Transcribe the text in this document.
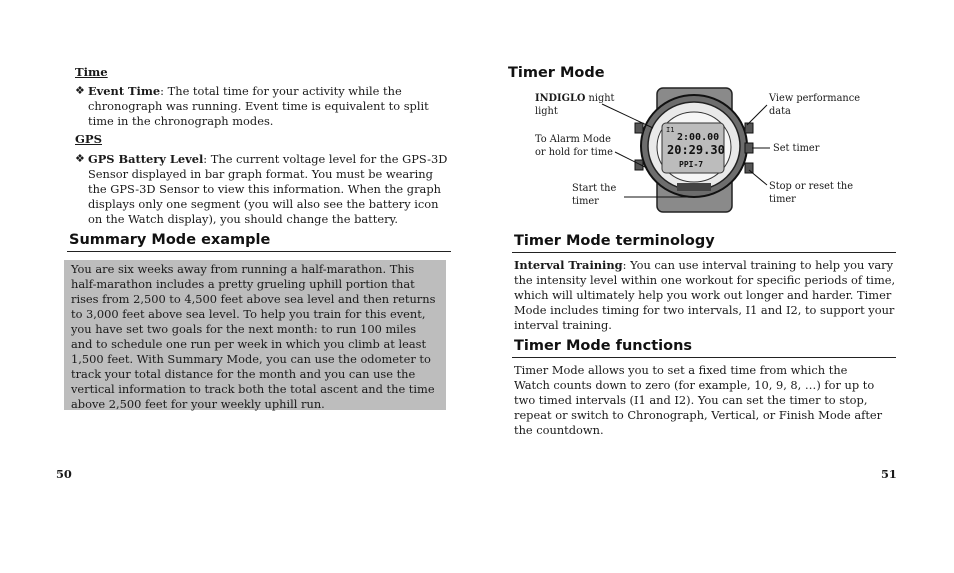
Time
❖ Event Time: The total time for your activity while the chronograph was running. Event time is equivalent to split time in the chronograph modes.
GPS
❖ GPS Battery Level: The current voltage level for the GPS-3D Sensor displayed in bar graph format. You must be wearing the GPS-3D Sensor to view this information. When the graph displays only one segment (you will also see the battery icon on the Watch display), you should change the battery.
Summary Mode example
You are six weeks away from running a half-marathon. This half-marathon includes a pretty grueling uphill portion that rises from 2,500 to 4,500 feet above sea level and then returns to 3,000 feet above sea level. To help you train for this event, you have set two goals for the next month: to run 100 miles and to schedule one run per week in which you climb at least 1,500 feet. With Summary Mode, you can use the odometer to track your total distance for the month and you can use the vertical information to track both the total ascent and the time above 2,500 feet for your weekly uphill run.
50
Timer Mode
INDIGLO night light
To Alarm Mode or hold for time
Start the timer
View performance data
Set timer
Stop or reset the timer
I1
2:00.00
20:29.30
PPI-7
Timer Mode terminology
Interval Training: You can use interval training to help you vary the intensity level within one workout for specific periods of time, which will ultimately help you work out longer and harder. Timer Mode includes timing for two intervals, I1 and I2, to support your interval training.
Timer Mode functions
Timer Mode allows you to set a fixed time from which the Watch counts down to zero (for example, 10, 9, 8, …) for up to two timed intervals (I1 and I2). You can set the timer to stop, repeat or switch to Chronograph, Vertical, or Finish Mode after the countdown.
51
